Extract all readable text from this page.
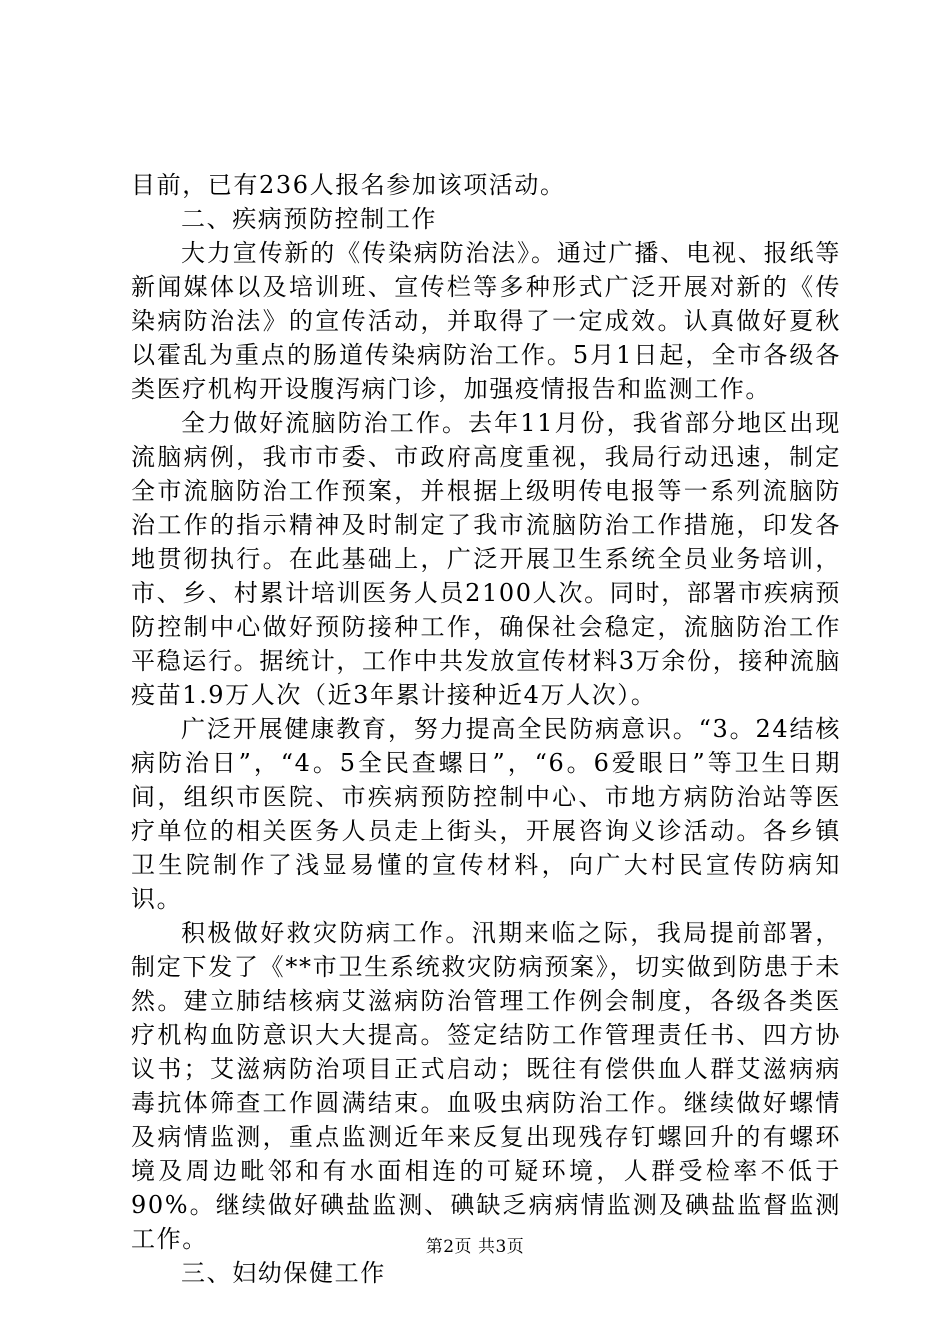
目前，已有236人报名参加该项活动。

二、疾病预防控制工作

大力宣传新的《传染病防治法》。通过广播、电视、报纸等新闻媒体以及培训班、宣传栏等多种形式广泛开展对新的《传染病防治法》的宣传活动，并取得了一定成效。认真做好夏秋以霍乱为重点的肠道传染病防治工作。5月1日起，全市各级各类医疗机构开设腹泻病门诊，加强疫情报告和监测工作。

全力做好流脑防治工作。去年11月份，我省部分地区出现流脑病例，我市市委、市政府高度重视，我局行动迅速，制定全市流脑防治工作预案，并根据上级明传电报等一系列流脑防治工作的指示精神及时制定了我市流脑防治工作措施，印发各地贯彻执行。在此基础上，广泛开展卫生系统全员业务培训，市、乡、村累计培训医务人员2100人次。同时，部署市疾病预防控制中心做好预防接种工作，确保社会稳定，流脑防治工作平稳运行。据统计，工作中共发放宣传材料3万余份，接种流脑疫苗1.9万人次（近3年累计接种近4万人次）。

广泛开展健康教育，努力提高全民防病意识。“3。24结核病防治日”，“4。5全民查螺日”，“6。6爱眼日”等卫生日期间，组织市医院、市疾病预防控制中心、市地方病防治站等医疗单位的相关医务人员走上街头，开展咨询义诊活动。各乡镇卫生院制作了浅显易懂的宣传材料，向广大村民宣传防病知识。

积极做好救灾防病工作。汛期来临之际，我局提前部署，制定下发了《**市卫生系统救灾防病预案》，切实做到防患于未然。建立肺结核病艾滋病防治管理工作例会制度，各级各类医疗机构血防意识大大提高。签定结防工作管理责任书、四方协议书；艾滋病防治项目正式启动；既往有偿供血人群艾滋病病毒抗体筛查工作圆满结束。血吸虫病防治工作。继续做好螺情及病情监测，重点监测近年来反复出现残存钉螺回升的有螺环境及周边毗邻和有水面相连的可疑环境，人群受检率不低于90%。继续做好碘盐监测、碘缺乏病病情监测及碘盐监督监测工作。

三、妇幼保健工作

第2页 共3页
